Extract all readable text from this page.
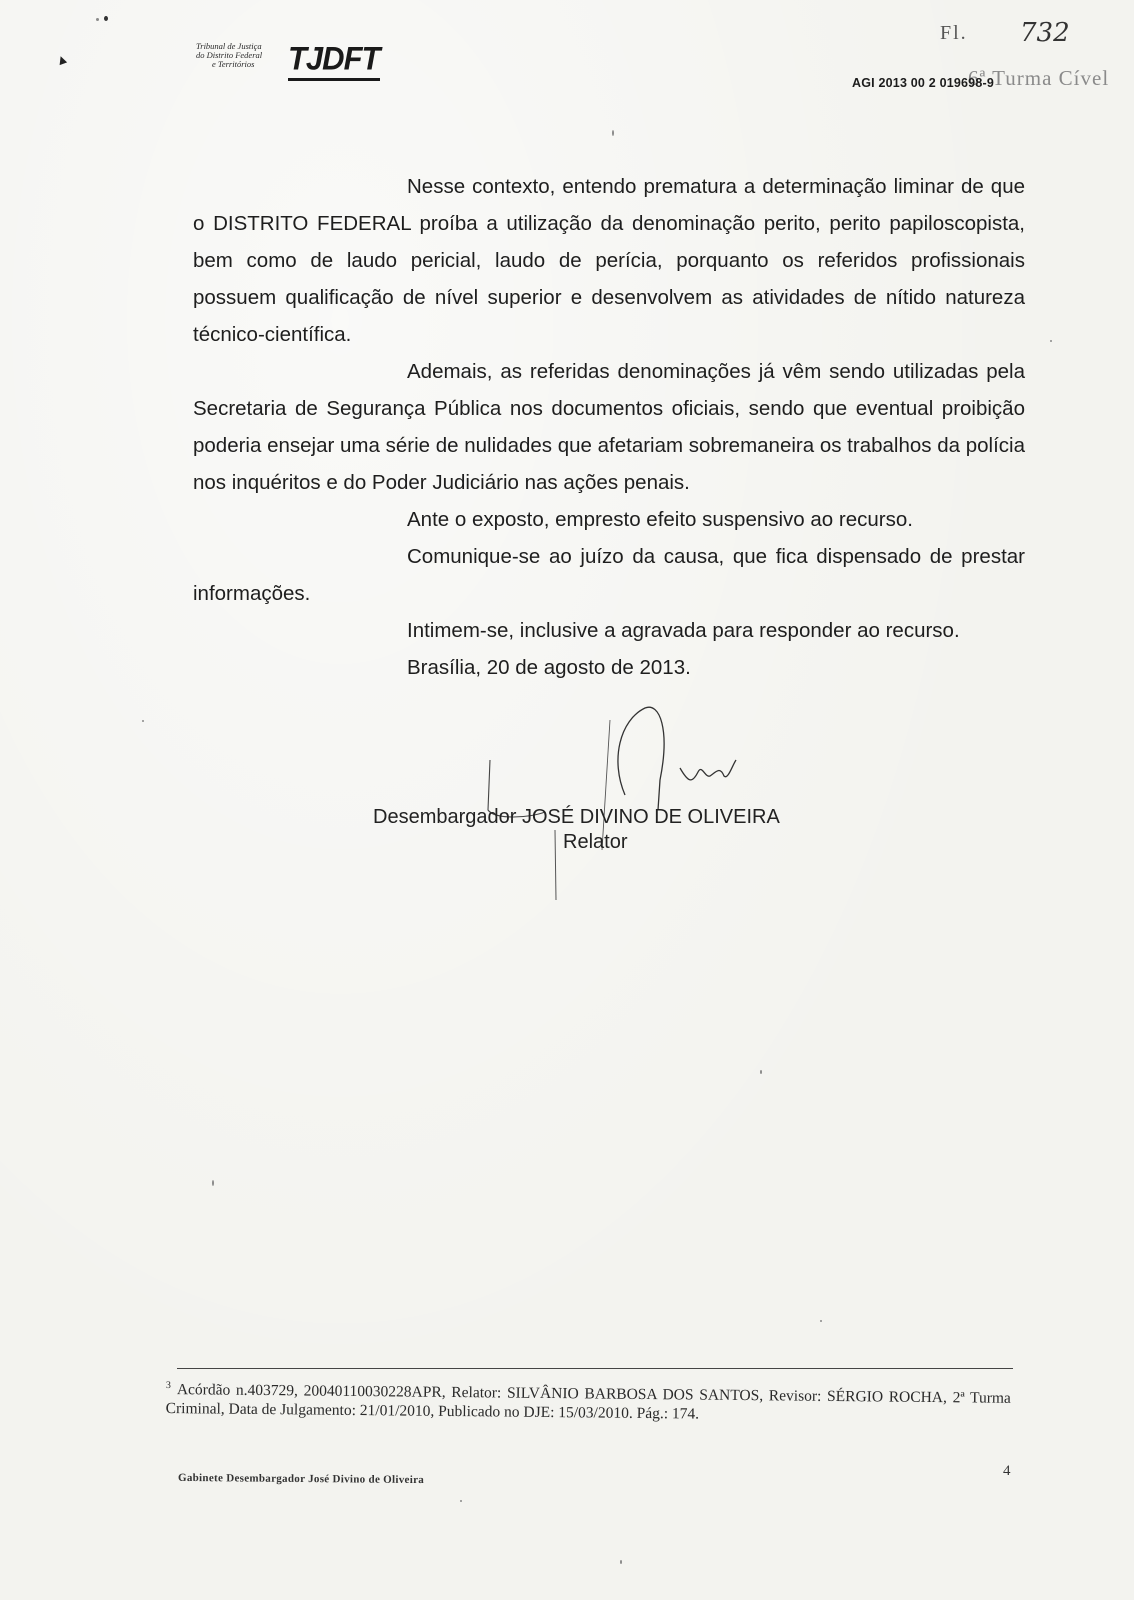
Tribunal de Justiça
do Distrito Federal
e Territórios	TJDFT
Fl. 732
6ª Turma Cível
AGI 2013 00 2 019698-9

Nesse contexto, entendo prematura a determinação liminar de que o DISTRITO FEDERAL proíba a utilização da denominação perito, perito papiloscopista, bem como de laudo pericial, laudo de perícia, porquanto os referidos profissionais possuem qualificação de nível superior e desenvolvem as atividades de nítido natureza técnico-científica.

Ademais, as referidas denominações já vêm sendo utilizadas pela Secretaria de Segurança Pública nos documentos oficiais, sendo que eventual proibição poderia ensejar uma série de nulidades que afetariam sobremaneira os trabalhos da polícia nos inquéritos e do Poder Judiciário nas ações penais.

Ante o exposto, empresto efeito suspensivo ao recurso.

Comunique-se ao juízo da causa, que fica dispensado de prestar informações.

Intimem-se, inclusive a agravada para responder ao recurso.

Brasília, 20 de agosto de 2013.

Desembargador JOSÉ DIVINO DE OLIVEIRA
Relator
$^3$ Acórdão n.403729, 20040110030228APR, Relator: SILVÂNIO BARBOSA DOS SANTOS, Revisor: SÉRGIO ROCHA, 2ª Turma Criminal, Data de Julgamento: 21/01/2010, Publicado no DJE: 15/03/2010. Pág.: 174.
Gabinete Desembargador José Divino de Oliveira	4
